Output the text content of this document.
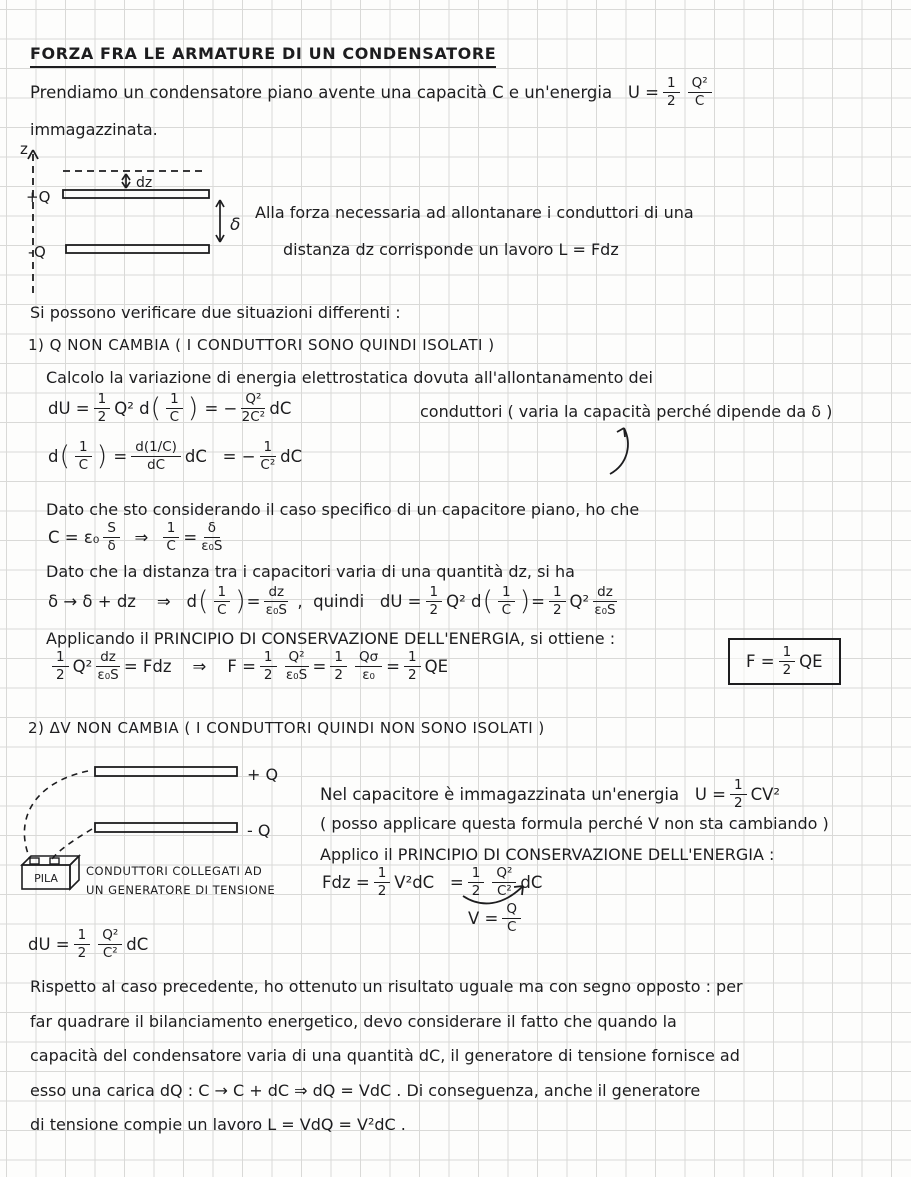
FORZA FRA LE ARMATURE DI UN CONDENSATORE
Prendiamo un condensatore piano avente una capacità C e un'energia   $U = \frac{1}{2} \frac{\text{Q²}}{C}$
immagazzinata.
z
dz
+Q
-Q
δ
Alla forza necessaria ad allontanare i conduttori di una
distanza dz corrisponde un lavoro L = Fdz
Si possono verificare due situazioni differenti :
1) Q NON CAMBIA ( I CONDUTTORI SONO QUINDI ISOLATI )
Calcolo la variazione di energia elettrostatica dovuta all'allontanamento dei
dU = $\frac{1}{2} Q^2$ d ( $\frac{1}{C}$ ) = − $\frac{\text{Q²}}{\text{2C²}}$ dC	conduttori ( varia la capacità perché dipende da δ )
d ( $\frac{1}{C}$ ) = $\frac{d(1/C)}{dC}$ dC   = − $\frac{1}{\text{C²}}$ dC
Dato che sto considerando il caso specifico di un capacitore piano, ho che
$C = \varepsilon_0 \frac{S}{\delta}$ ⇒ $\frac{1}{C} = \frac{\delta}{\text{ε₀S}}$
Dato che la distanza tra i capacitori varia di una quantità dz, si ha
δ → δ + dz    ⇒   d ( $\frac{1}{C}$ ) = $\frac{dz}{\text{ε₀S}}$ ,  quindi   dU = $\frac{1}{2} Q^2$ d ( $\frac{1}{C}$ ) = $\frac{1}{2} Q^2 \frac{dz}{\text{ε₀S}}$
Applicando il PRINCIPIO DI CONSERVAZIONE DELL'ENERGIA, si ottiene :
$\frac{1}{2} Q^2 \frac{dz}{\text{ε₀S}}$ = Fdz    ⇒    $F = \frac{1}{2} \frac{\text{Q²}}{\text{ε₀S}} = \frac{1}{2} \frac{Q\sigma}{\text{ε₀}} = \frac{1}{2}$ QE	$F = \frac{1}{2}$ QE
2) ΔV NON CAMBIA ( I CONDUTTORI QUINDI NON SONO ISOLATI )
+ Q
- Q
PILA
CONDUTTORI COLLEGATI AD
UN GENERATORE DI TENSIONE
Nel capacitore è immagazzinata un'energia   $U = \frac{1}{2} CV^2$
( posso applicare questa formula perché V non sta cambiando )
Applico il PRINCIPIO DI CONSERVAZIONE DELL'ENERGIA :
Fdz = $\frac{1}{2} V^2dC = \frac{1}{2} \frac{\text{Q²}}{\text{C²}}$ dC
$V = \frac{Q}{C}$
dU = $\frac{1}{2} \frac{\text{Q²}}{\text{C²}}$ dC
Rispetto al caso precedente, ho ottenuto un risultato uguale ma con segno opposto : per
far quadrare il bilanciamento energetico, devo considerare il fatto che quando la
capacità del condensatore varia di una quantità dC, il generatore di tensione fornisce ad
esso una carica dQ : C → C + dC ⇒ dQ = VdC . Di conseguenza, anche il generatore
di tensione compie un lavoro L = VdQ = V²dC .
